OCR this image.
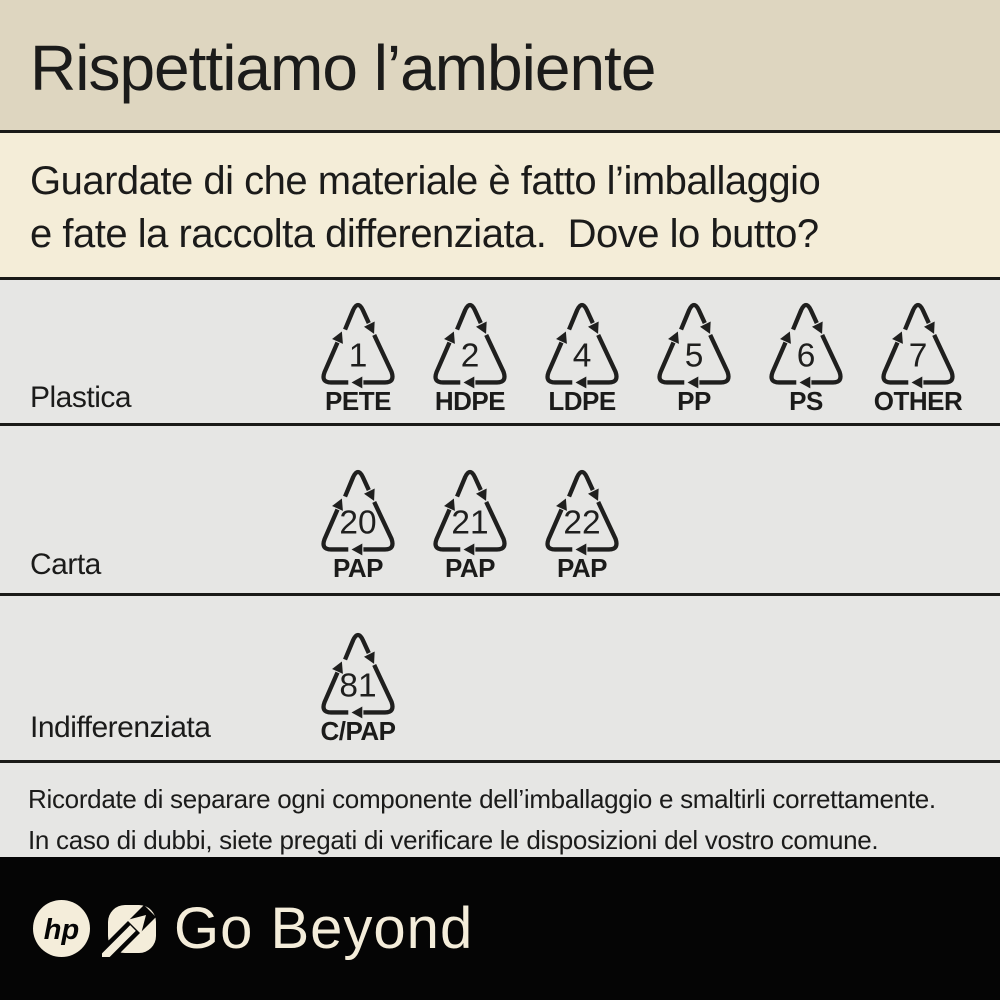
Rispettiamo l’ambiente
Guardate di che materiale è fatto l’imballaggio
e fate la raccolta differenziata.  Dove lo butto?
Plastica
1
PETE
2
HDPE
4
LDPE
5
PP
6
PS
7
OTHER
Carta
20
PAP
21
PAP
22
PAP
Indifferenziata
81
C/PAP
Ricordate di separare ogni componente dell’imballaggio e smaltirli correttamente.
In caso di dubbi, siete pregati di verificare le disposizioni del vostro comune.
hp Go Beyond
